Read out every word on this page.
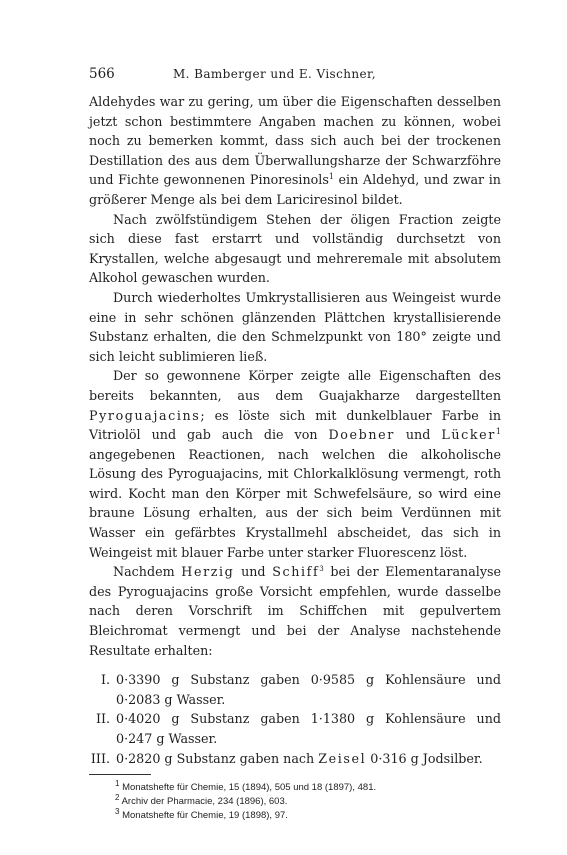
566	M. Bamberger und E. Vischner,

Aldehydes war zu gering, um über die Eigenschaften desselben jetzt schon bestimmtere Angaben machen zu können, wobei noch zu bemerken kommt, dass sich auch bei der trockenen Destillation des aus dem Überwallungsharze der Schwarzföhre und Fichte gewonnenen Pinoresinols$^1$ ein Aldehyd, und zwar in größerer Menge als bei dem Lariciresinol bildet.

Nach zwölfstündigem Stehen der öligen Fraction zeigte sich diese fast erstarrt und vollständig durchsetzt von Krystallen, welche abgesaugt und mehreremale mit absolutem Alkohol gewaschen wurden.

Durch wiederholtes Umkrystallisieren aus Weingeist wurde eine in sehr schönen glänzenden Plättchen krystallisierende Substanz erhalten, die den Schmelzpunkt von 180° zeigte und sich leicht sublimieren ließ.

Der so gewonnene Körper zeigte alle Eigenschaften des bereits bekannten, aus dem Guajakharze dargestellten Pyroguajacins; es löste sich mit dunkelblauer Farbe in Vitriolöl und gab auch die von Doebner und Lücker$^1$ angegebenen Reactionen, nach welchen die alkoholische Lösung des Pyroguajacins, mit Chlorkalklösung vermengt, roth wird. Kocht man den Körper mit Schwefelsäure, so wird eine braune Lösung erhalten, aus der sich beim Verdünnen mit Wasser ein gefärbtes Krystallmehl abscheidet, das sich in Weingeist mit blauer Farbe unter starker Fluorescenz löst.

Nachdem Herzig und Schiff$^3$ bei der Elementaranalyse des Pyroguajacins große Vorsicht empfehlen, wurde dasselbe nach deren Vorschrift im Schiffchen mit gepulvertem Bleichromat vermengt und bei der Analyse nachstehende Resultate erhalten:

I. 0·3390 g Substanz gaben 0·9585 g Kohlensäure und
0·2083 g Wasser.
II. 0·4020 g Substanz gaben 1·1380 g Kohlensäure und
0·247 g Wasser.
III. 0·2820 g Substanz gaben nach Zeisel 0·316 g Jodsilber.
$^1$ Monatshefte für Chemie, 15 (1894), 505 und 18 (1897), 481.
$^2$ Archiv der Pharmacie, 234 (1896), 603.
$^3$ Monatshefte für Chemie, 19 (1898), 97.
